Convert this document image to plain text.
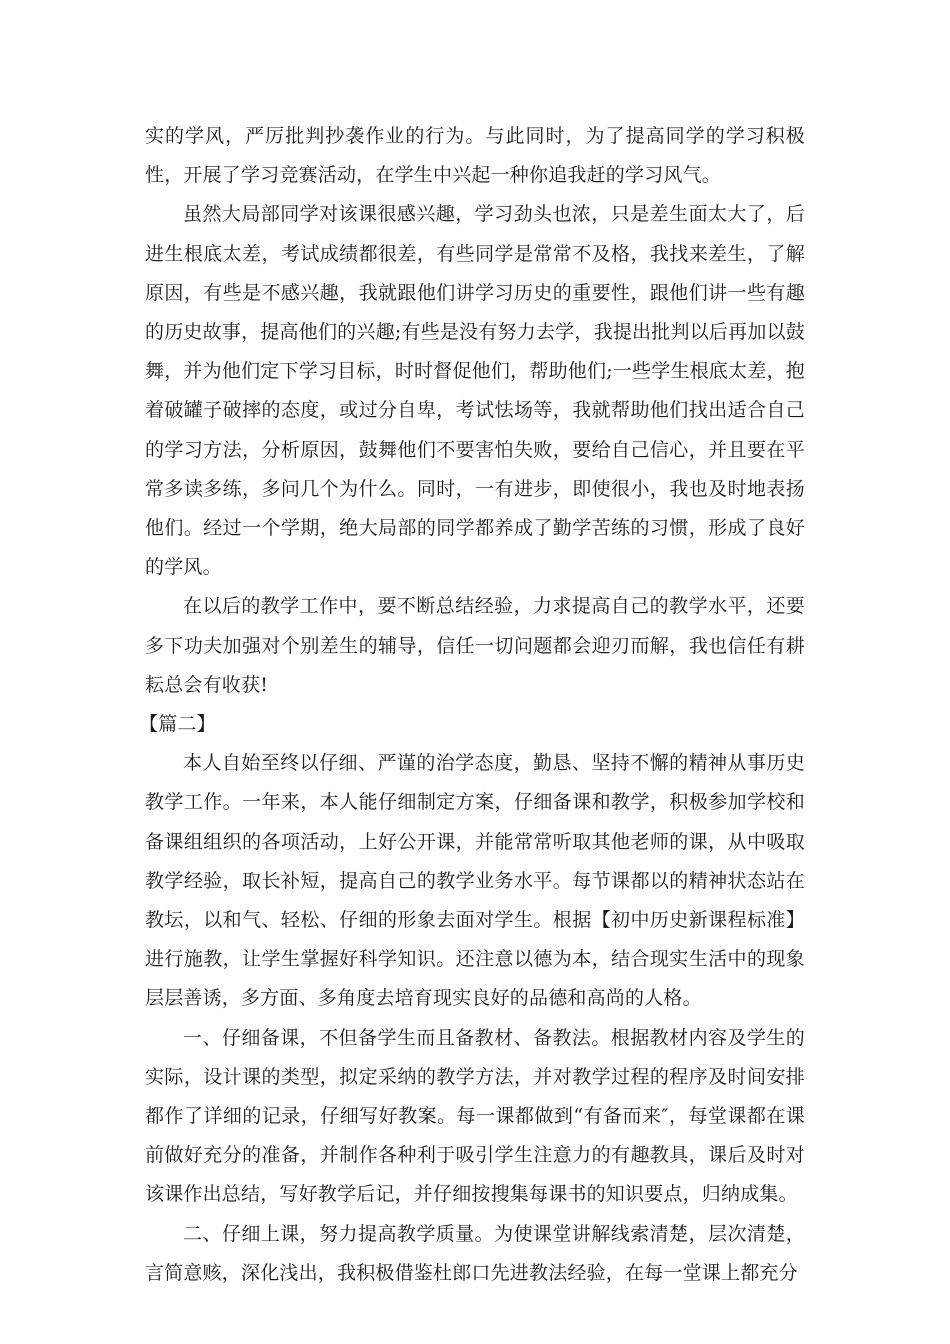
实的学风，严厉批判抄袭作业的行为。与此同时，为了提高同学的学习积极性，开展了学习竞赛活动，在学生中兴起一种你追我赶的学习风气。

虽然大局部同学对该课很感兴趣，学习劲头也浓，只是差生面太大了，后进生根底太差，考试成绩都很差，有些同学是常常不及格，我找来差生，了解原因，有些是不感兴趣，我就跟他们讲学习历史的重要性，跟他们讲一些有趣的历史故事，提高他们的兴趣;有些是没有努力去学，我提出批判以后再加以鼓舞，并为他们定下学习目标，时时督促他们，帮助他们;一些学生根底太差，抱着破罐子破摔的态度，或过分自卑，考试怯场等，我就帮助他们找出适合自己的学习方法，分析原因，鼓舞他们不要害怕失败，要给自己信心，并且要在平常多读多练，多问几个为什么。同时，一有进步，即使很小，我也及时地表扬他们。经过一个学期，绝大局部的同学都养成了勤学苦练的习惯，形成了良好的学风。

在以后的教学工作中，要不断总结经验，力求提高自己的教学水平，还要多下功夫加强对个别差生的辅导，信任一切问题都会迎刃而解，我也信任有耕耘总会有收获!

【篇二】

本人自始至终以仔细、严谨的治学态度，勤恳、坚持不懈的精神从事历史教学工作。一年来，本人能仔细制定方案，仔细备课和教学，积极参加学校和备课组组织的各项活动，上好公开课，并能常常听取其他老师的课，从中吸取教学经验，取长补短，提高自己的教学业务水平。每节课都以的精神状态站在教坛，以和气、轻松、仔细的形象去面对学生。根据【初中历史新课程标准】进行施教，让学生掌握好科学知识。还注意以德为本，结合现实生活中的现象层层善诱，多方面、多角度去培育现实良好的品德和高尚的人格。

一、仔细备课，不但备学生而且备教材、备教法。根据教材内容及学生的实际，设计课的类型，拟定采纳的教学方法，并对教学过程的程序及时间安排都作了详细的记录，仔细写好教案。每一课都做到“有备而来″，每堂课都在课前做好充分的准备，并制作各种利于吸引学生注意力的有趣教具，课后及时对该课作出总结，写好教学后记，并仔细按搜集每课书的知识要点，归纳成集。

二、仔细上课，努力提高教学质量。为使课堂讲解线索清楚，层次清楚，言简意赅，深化浅出，我积极借鉴杜郎口先进教法经验，在每一堂课上都充分
